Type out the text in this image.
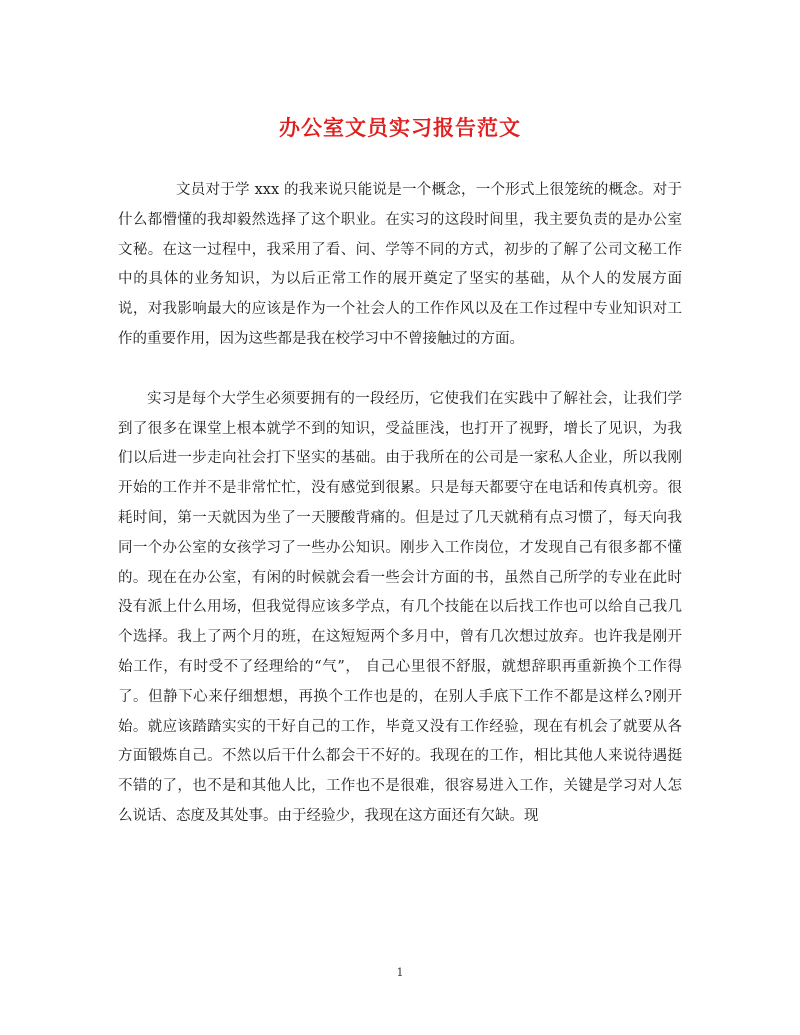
办公室文员实习报告范文

文员对于学 xxx 的我来说只能说是一个概念，一个形式上很笼统的概念。对于什么都懵懂的我却毅然选择了这个职业。在实习的这段时间里，我主要负责的是办公室文秘。在这一过程中，我采用了看、问、学等不同的方式，初步的了解了公司文秘工作中的具体的业务知识，为以后正常工作的展开奠定了坚实的基础，从个人的发展方面说，对我影响最大的应该是作为一个社会人的工作作风以及在工作过程中专业知识对工作的重要作用，因为这些都是我在校学习中不曾接触过的方面。

实习是每个大学生必须要拥有的一段经历，它使我们在实践中了解社会，让我们学到了很多在课堂上根本就学不到的知识，受益匪浅，也打开了视野，增长了见识，为我们以后进一步走向社会打下坚实的基础。由于我所在的公司是一家私人企业，所以我刚开始的工作并不是非常忙忙，没有感觉到很累。只是每天都要守在电话和传真机旁。很耗时间，第一天就因为坐了一天腰酸背痛的。但是过了几天就稍有点习惯了，每天向我同一个办公室的女孩学习了一些办公知识。刚步入工作岗位，才发现自己有很多都不懂的。现在在办公室，有闲的时候就会看一些会计方面的书，虽然自己所学的专业在此时没有派上什么用场，但我觉得应该多学点，有几个技能在以后找工作也可以给自己我几个选择。我上了两个月的班，在这短短两个多月中，曾有几次想过放弃。也许我是刚开始工作，有时受不了经理给的“气”， 自己心里很不舒服，就想辞职再重新换个工作得了。但静下心来仔细想想，再换个工作也是的，在别人手底下工作不都是这样么?刚开始。就应该踏踏实实的干好自己的工作，毕竟又没有工作经验，现在有机会了就要从各方面锻炼自己。不然以后干什么都会干不好的。我现在的工作，相比其他人来说待遇挺不错的了，也不是和其他人比，工作也不是很难，很容易进入工作，关键是学习对人怎么说话、态度及其处事。由于经验少，我现在这方面还有欠缺。现

1
